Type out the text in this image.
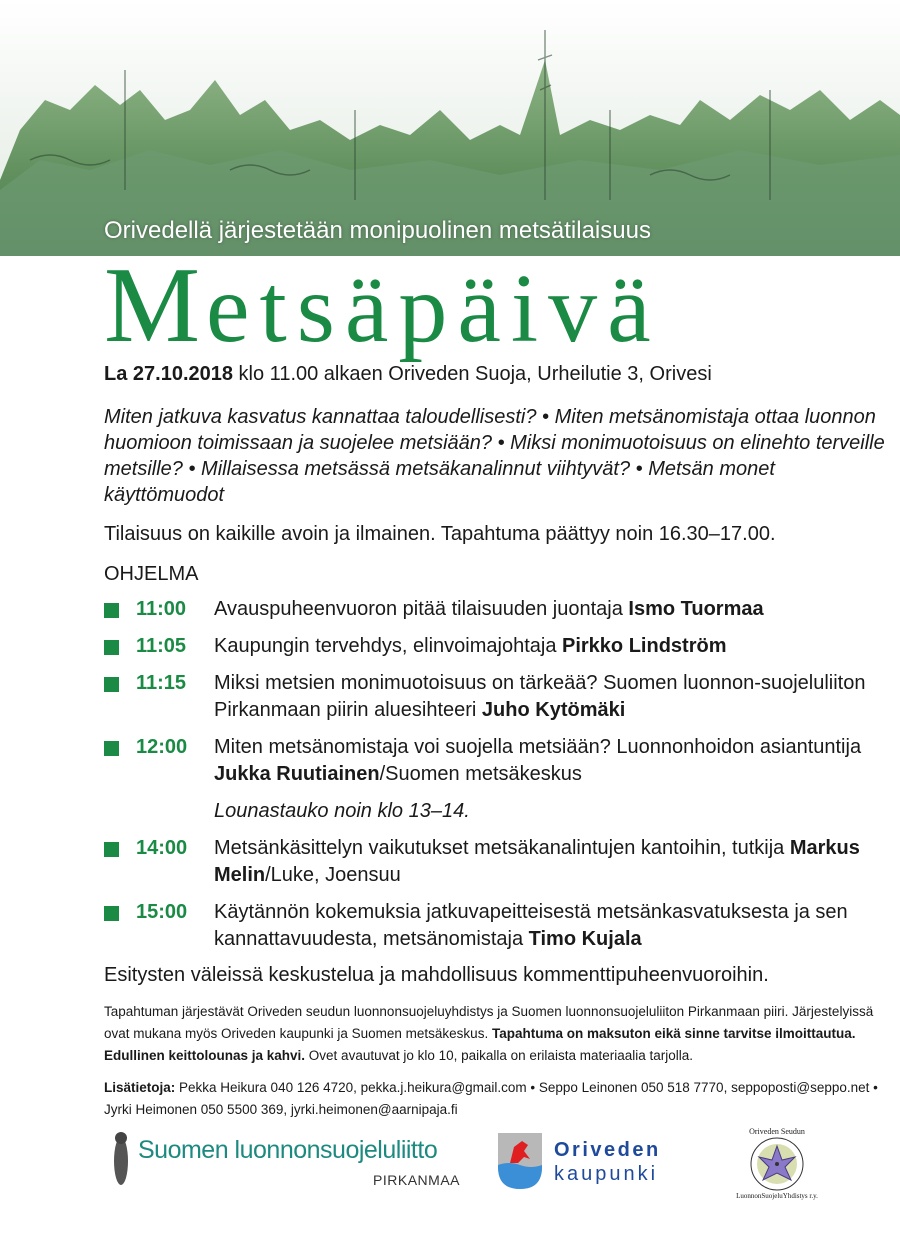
Orivedellä järjestetään monipuolinen metsätilaisuus
Metsäpäivä
La 27.10.2018 klo 11.00 alkaen Oriveden Suoja, Urheilutie 3, Orivesi
Miten jatkuva kasvatus kannattaa taloudellisesti? • Miten metsänomistaja ottaa luonnon huomioon toimissaan ja suojelee metsiään? • Miksi monimuotoisuus on elinehto terveille metsille? • Millaisessa metsässä metsäkanalinnut viihtyvät? • Metsän monet käyttömuodot
Tilaisuus on kaikille avoin ja ilmainen. Tapahtuma päättyy noin 16.30–17.00.
OHJELMA
11:00 Avauspuheenvuoron pitää tilaisuuden juontaja Ismo Tuormaa
11:05 Kaupungin tervehdys, elinvoimajohtaja Pirkko Lindström
11:15 Miksi metsien monimuotoisuus on tärkeää? Suomen luonnon-suojeluliiton Pirkanmaan piirin aluesihteeri Juho Kytömäki
12:00 Miten metsänomistaja voi suojella metsiään? Luonnonhoidon asiantuntija Jukka Ruutiainen/Suomen metsäkeskus
Lounastauko noin klo 13–14.
14:00 Metsänkäsittelyn vaikutukset metsäkanalintujen kantoihin, tutkija Markus Melin/Luke, Joensuu
15:00 Käytännön kokemuksia jatkuvapeitteisestä metsänkasvatuksesta ja sen kannattavuudesta, metsänomistaja Timo Kujala
Esitysten väleissä keskustelua ja mahdollisuus kommenttipuheenvuoroihin.
Tapahtuman järjestävät Oriveden seudun luonnonsuojeluyhdistys ja Suomen luonnonsuojeluliiton Pirkanmaan piiri. Järjestelyissä ovat mukana myös Oriveden kaupunki ja Suomen metsäkeskus. Tapahtuma on maksuton eikä sinne tarvitse ilmoittautua. Edullinen keittolounas ja kahvi. Ovet avautuvat jo klo 10, paikalla on erilaista materiaalia tarjolla.
Lisätietoja: Pekka Heikura 040 126 4720, pekka.j.heikura@gmail.com • Seppo Leinonen 050 518 7770, seppoposti@seppo.net • Jyrki Heimonen 050 5500 369, jyrki.heimonen@aarnipaja.fi
Suomen luonnonsuojeluliitto
PIRKANMAA
Oriveden
kaupunki
Oriveden Seudun
LuonnonSuojeluYhdistys r.y.
